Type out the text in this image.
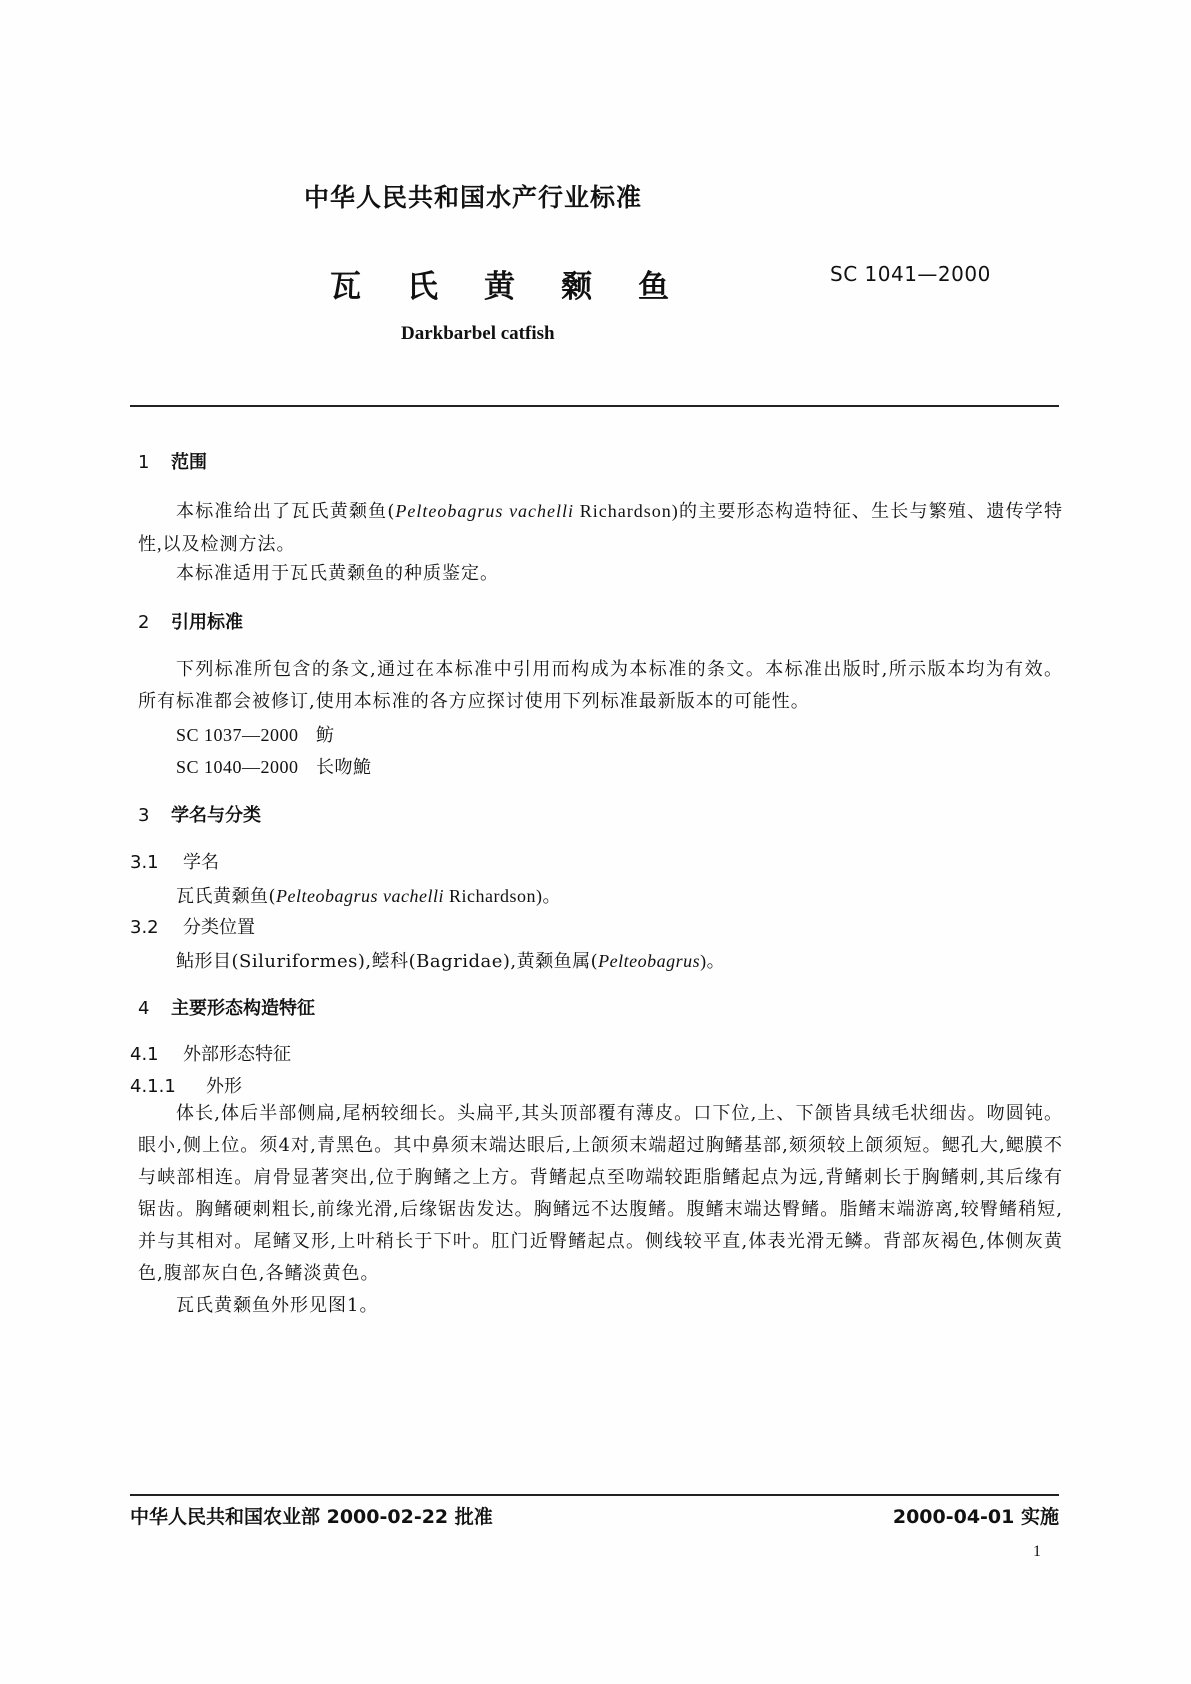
中华人民共和国水产行业标准
瓦 氏 黄 颡 鱼	SC 1041—2000
Darkbarbel catfish
1 范围
本标准给出了瓦氏黄颡鱼(Pelteobagrus vachelli Richardson)的主要形态构造特征、生长与繁殖、遗传学特性,以及检测方法。
本标准适用于瓦氏黄颡鱼的种质鉴定。
2 引用标准
下列标准所包含的条文,通过在本标准中引用而构成为本标准的条文。本标准出版时,所示版本均为有效。所有标准都会被修订,使用本标准的各方应探讨使用下列标准最新版本的可能性。
SC 1037—2000 鲂
SC 1040—2000 长吻鮠
3 学名与分类
3.1 学名
瓦氏黄颡鱼(Pelteobagrus vachelli Richardson)。
3.2 分类位置
鲇形目(Siluriformes),鲿科(Bagridae),黄颡鱼属(Pelteobagrus)。
4 主要形态构造特征
4.1 外部形态特征
4.1.1 外形
体长,体后半部侧扁,尾柄较细长。头扁平,其头顶部覆有薄皮。口下位,上、下颌皆具绒毛状细齿。吻圆钝。眼小,侧上位。须4对,青黑色。其中鼻须末端达眼后,上颌须末端超过胸鳍基部,颏须较上颌须短。鳃孔大,鳃膜不与峡部相连。肩骨显著突出,位于胸鳍之上方。背鳍起点至吻端较距脂鳍起点为远,背鳍刺长于胸鳍刺,其后缘有锯齿。胸鳍硬刺粗长,前缘光滑,后缘锯齿发达。胸鳍远不达腹鳍。腹鳍末端达臀鳍。脂鳍末端游离,较臀鳍稍短,并与其相对。尾鳍叉形,上叶稍长于下叶。肛门近臀鳍起点。侧线较平直,体表光滑无鳞。背部灰褐色,体侧灰黄色,腹部灰白色,各鳍淡黄色。
瓦氏黄颡鱼外形见图1。
中华人民共和国农业部 2000-02-22 批准	2000-04-01 实施
1
